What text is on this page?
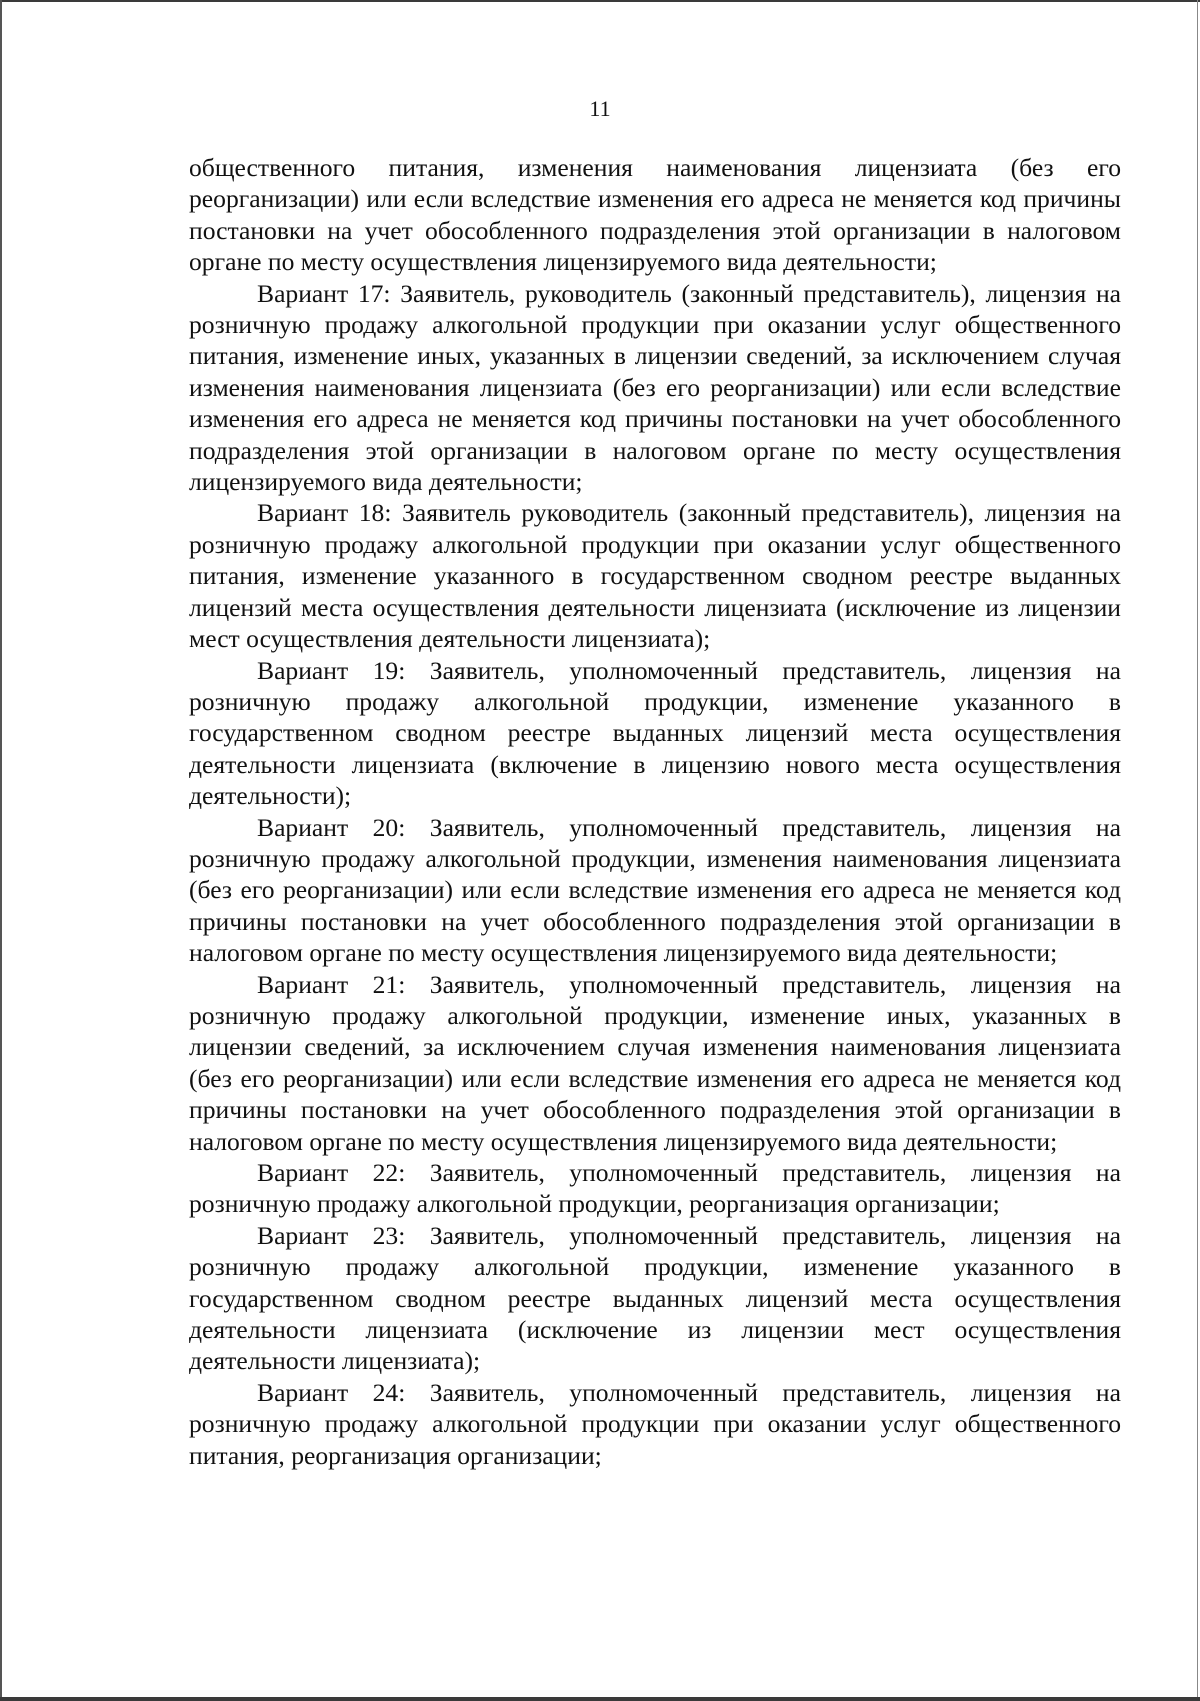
11

общественного питания, изменения наименования лицензиата (без его реорганизации) или если вследствие изменения его адреса не меняется код причины постановки на учет обособленного подразделения этой организации в налоговом органе по месту осуществления лицензируемого вида деятельности;

Вариант 17: Заявитель, руководитель (законный представитель), лицензия на розничную продажу алкогольной продукции при оказании услуг общественного питания, изменение иных, указанных в лицензии сведений, за исключением случая изменения наименования лицензиата (без его реорганизации) или если вследствие изменения его адреса не меняется код причины постановки на учет обособленного подразделения этой организации в налоговом органе по месту осуществления лицензируемого вида деятельности;

Вариант 18: Заявитель руководитель (законный представитель), лицензия на розничную продажу алкогольной продукции при оказании услуг общественного питания, изменение указанного в государственном сводном реестре выданных лицензий места осуществления деятельности лицензиата (исключение из лицензии мест осуществления деятельности лицензиата);

Вариант 19: Заявитель, уполномоченный представитель, лицензия на розничную продажу алкогольной продукции, изменение указанного в государственном сводном реестре выданных лицензий места осуществления деятельности лицензиата (включение в лицензию нового места осуществления деятельности);

Вариант 20: Заявитель, уполномоченный представитель, лицензия на розничную продажу алкогольной продукции, изменения наименования лицензиата (без его реорганизации) или если вследствие изменения его адреса не меняется код причины постановки на учет обособленного подразделения этой организации в налоговом органе по месту осуществления лицензируемого вида деятельности;

Вариант 21: Заявитель, уполномоченный представитель, лицензия на розничную продажу алкогольной продукции, изменение иных, указанных в лицензии сведений, за исключением случая изменения наименования лицензиата (без его реорганизации) или если вследствие изменения его адреса не меняется код причины постановки на учет обособленного подразделения этой организации в налоговом органе по месту осуществления лицензируемого вида деятельности;

Вариант 22: Заявитель, уполномоченный представитель, лицензия на розничную продажу алкогольной продукции, реорганизация организации;

Вариант 23: Заявитель, уполномоченный представитель, лицензия на розничную продажу алкогольной продукции, изменение указанного в государственном сводном реестре выданных лицензий места осуществления деятельности лицензиата (исключение из лицензии мест осуществления деятельности лицензиата);

Вариант 24: Заявитель, уполномоченный представитель, лицензия на розничную продажу алкогольной продукции при оказании услуг общественного питания, реорганизация организации;
